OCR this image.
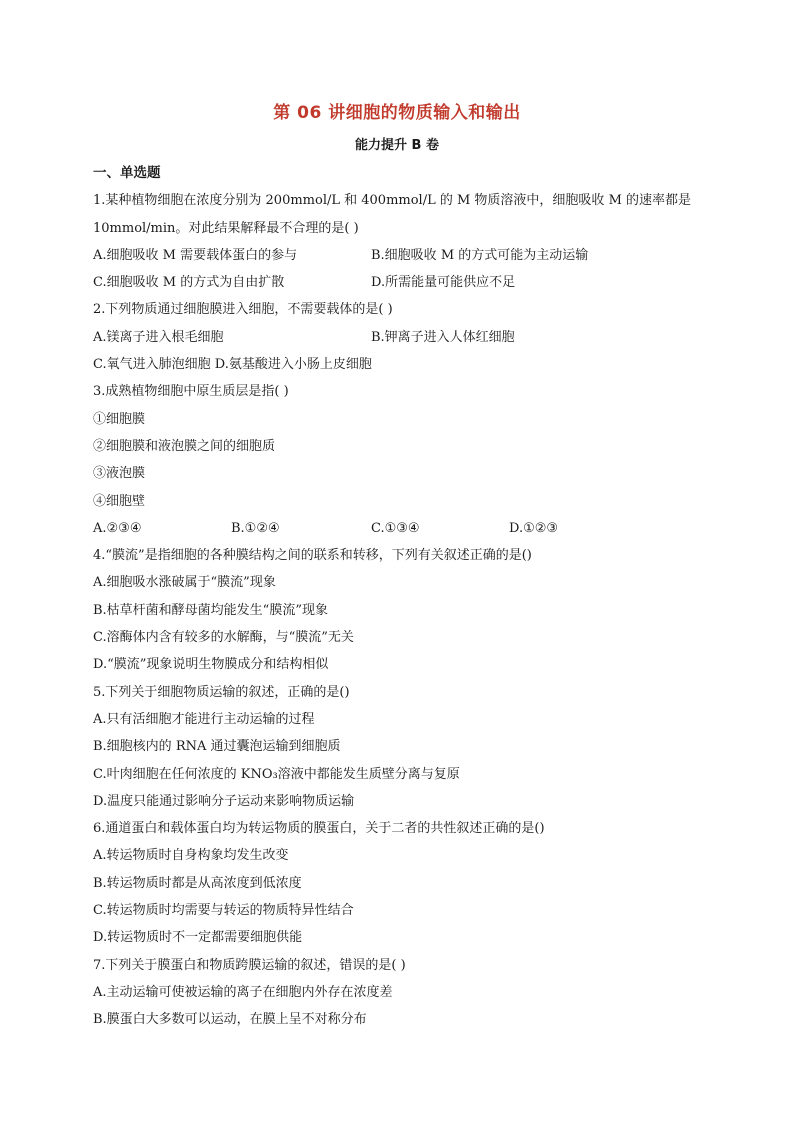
第 06 讲细胞的物质输入和输出
能力提升 B 卷
一、单选题
1.某种植物细胞在浓度分别为 200mmol/L 和 400mmol/L 的 M 物质溶液中，细胞吸收 M 的速率都是
10mmol/min。对此结果解释最不合理的是( )
A.细胞吸收 M 需要载体蛋白的参与	B.细胞吸收 M 的方式可能为主动运输
C.细胞吸收 M 的方式为自由扩散	D.所需能量可能供应不足
2.下列物质通过细胞膜进入细胞，不需要载体的是( )
A.镁离子进入根毛细胞	B.钾离子进入人体红细胞
C.氧气进入肺泡细胞 D.氨基酸进入小肠上皮细胞
3.成熟植物细胞中原生质层是指( )
①细胞膜
②细胞膜和液泡膜之间的细胞质
③液泡膜
④细胞壁
A.②③④	B.①②④	C.①③④	D.①②③
4.“膜流”是指细胞的各种膜结构之间的联系和转移，下列有关叙述正确的是()
A.细胞吸水涨破属于“膜流”现象
B.枯草杆菌和酵母菌均能发生“膜流”现象
C.溶酶体内含有较多的水解酶，与“膜流”无关
D.“膜流”现象说明生物膜成分和结构相似
5.下列关于细胞物质运输的叙述，正确的是()
A.只有活细胞才能进行主动运输的过程
B.细胞核内的 RNA 通过囊泡运输到细胞质
C.叶肉细胞在任何浓度的 KNO₃溶液中都能发生质壁分离与复原
D.温度只能通过影响分子运动来影响物质运输
6.通道蛋白和载体蛋白均为转运物质的膜蛋白，关于二者的共性叙述正确的是()
A.转运物质时自身构象均发生改变
B.转运物质时都是从高浓度到低浓度
C.转运物质时均需要与转运的物质特异性结合
D.转运物质时不一定都需要细胞供能
7.下列关于膜蛋白和物质跨膜运输的叙述，错误的是( )
A.主动运输可使被运输的离子在细胞内外存在浓度差
B.膜蛋白大多数可以运动，在膜上呈不对称分布
